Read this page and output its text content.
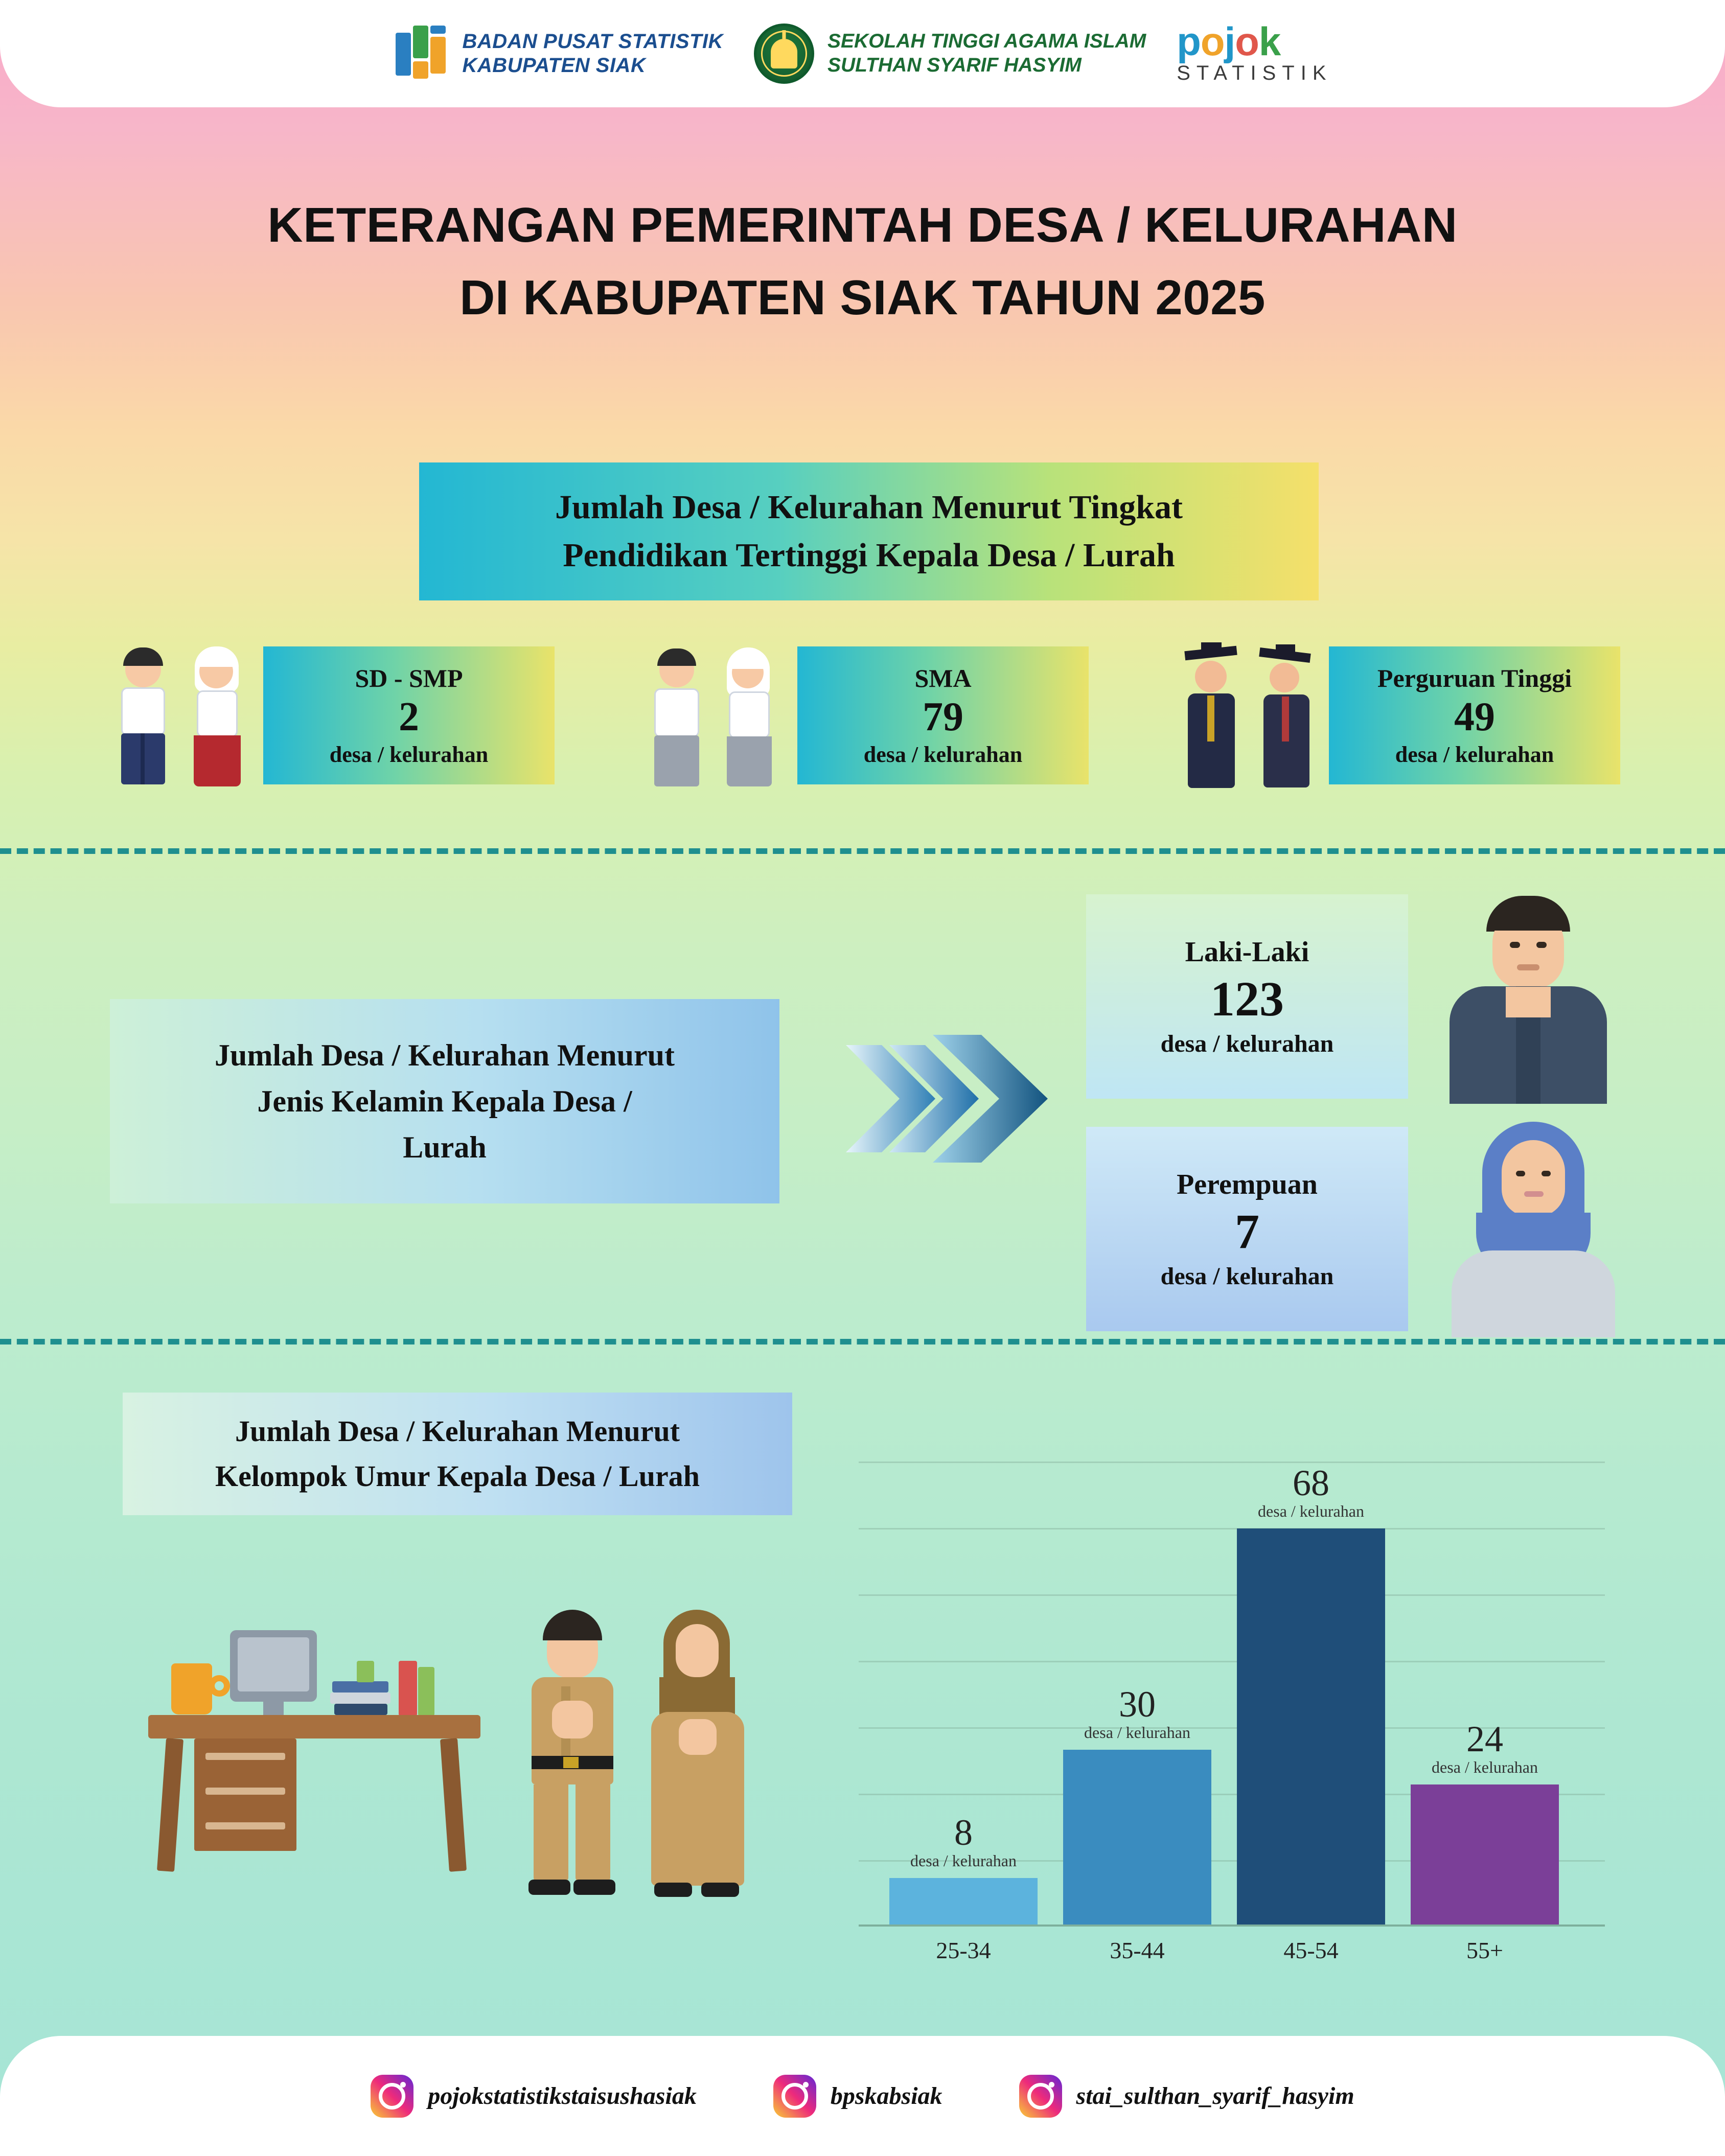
BADAN PUSAT STATISTIK
KABUPATEN SIAK
SEKOLAH TINGGI AGAMA ISLAM
SULTHAN SYARIF HASYIM
pojok
STATISTIK
KETERANGAN PEMERINTAH DESA / KELURAHAN
DI KABUPATEN SIAK TAHUN 2025
Jumlah Desa / Kelurahan Menurut Tingkat
Pendidikan Tertinggi Kepala Desa / Lurah
SD - SMP
2
desa / kelurahan
SMA
79
desa / kelurahan
Perguruan Tinggi
49
desa / kelurahan
Jumlah Desa / Kelurahan Menurut
Jenis Kelamin Kepala Desa /
Lurah
Laki-Laki
123
desa / kelurahan
Perempuan
7
desa / kelurahan
Jumlah Desa / Kelurahan Menurut
Kelompok Umur Kepala Desa / Lurah
desa / kelurahan
8
desa / kelurahan
30
desa / kelurahan
68
desa / kelurahan
24
25-34	35-44	45-54	55+
pojokstatistikstaisushasiak	bpskabsiak	stai_sulthan_syarif_hasyim
